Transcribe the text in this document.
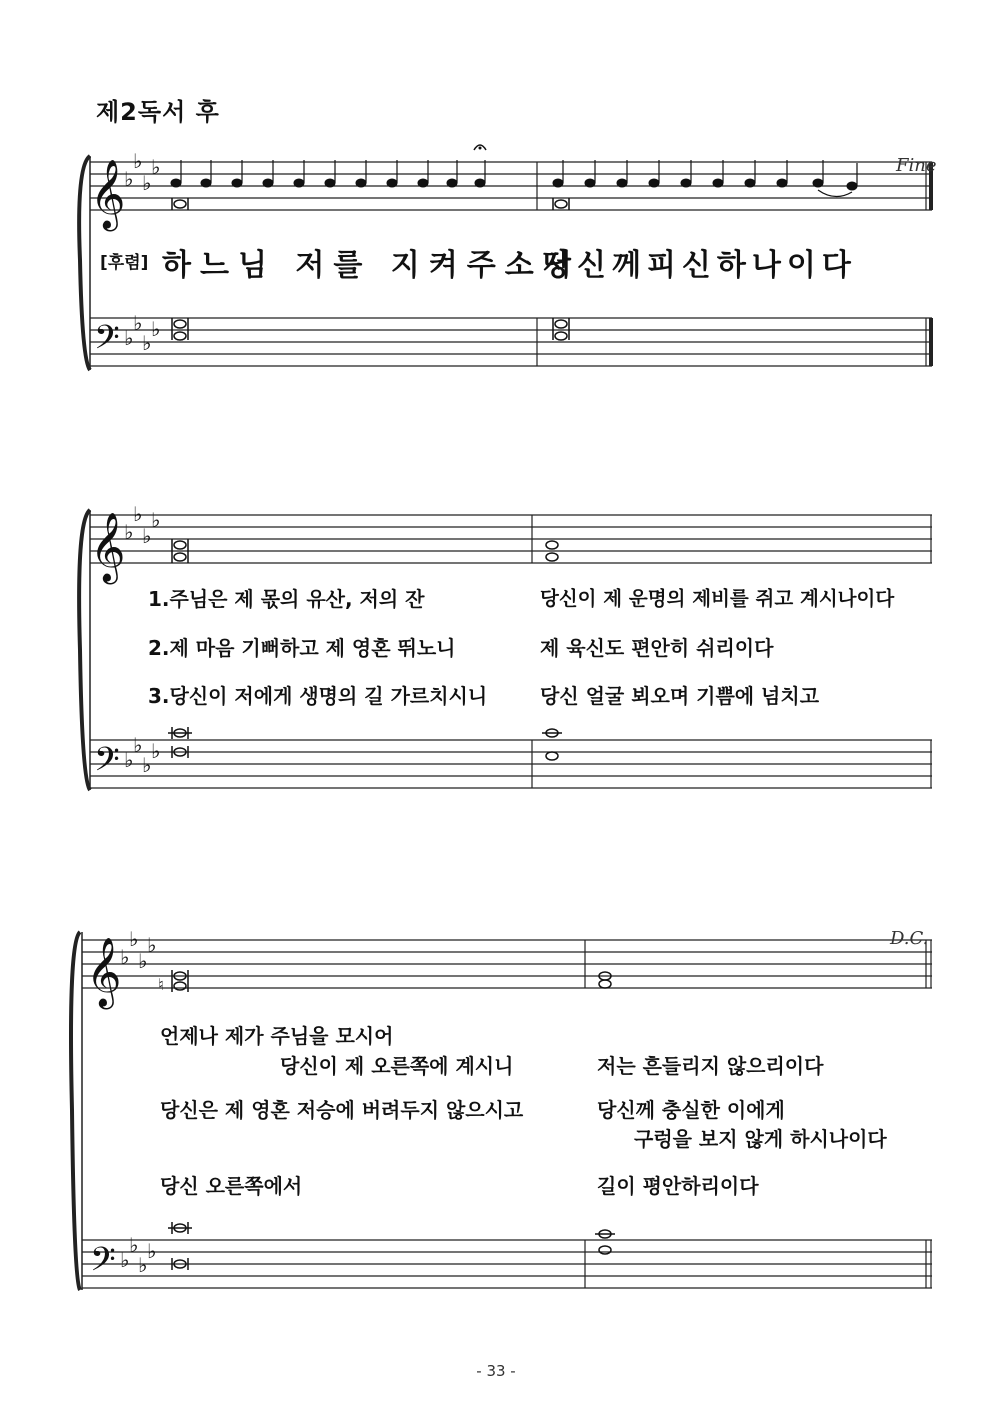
제2독서 후
𝄞
𝄢
♭
♭
♭
♭
♭
♭
♭
♭
𝄞
𝄢
♭
♭
♭
♭
♭
♭
♭
♭
𝄞
𝄢
♭
♭
♭
♭
♭
♭
♭
♭
♮
Fine
D.C.
[후렴] 하느님 저를 지켜주소서
당신께피신하나이다
1.주님은 제 몫의 유산, 저의 잔	당신이 제 운명의 제비를 쥐고 계시나이다
2.제 마음 기뻐하고 제 영혼 뛰노니	제 육신도 편안히 쉬리이다
3.당신이 저에게 생명의 길 가르치시니	당신 얼굴 뵈오며 기쁨에 넘치고
언제나 제가 주님을 모시어
당신이 제 오른쪽에 계시니	저는 흔들리지 않으리이다
당신은 제 영혼 저승에 버려두지 않으시고	당신께 충실한 이에게
구렁을 보지 않게 하시나이다
당신 오른쪽에서	길이 평안하리이다
- 33 -
